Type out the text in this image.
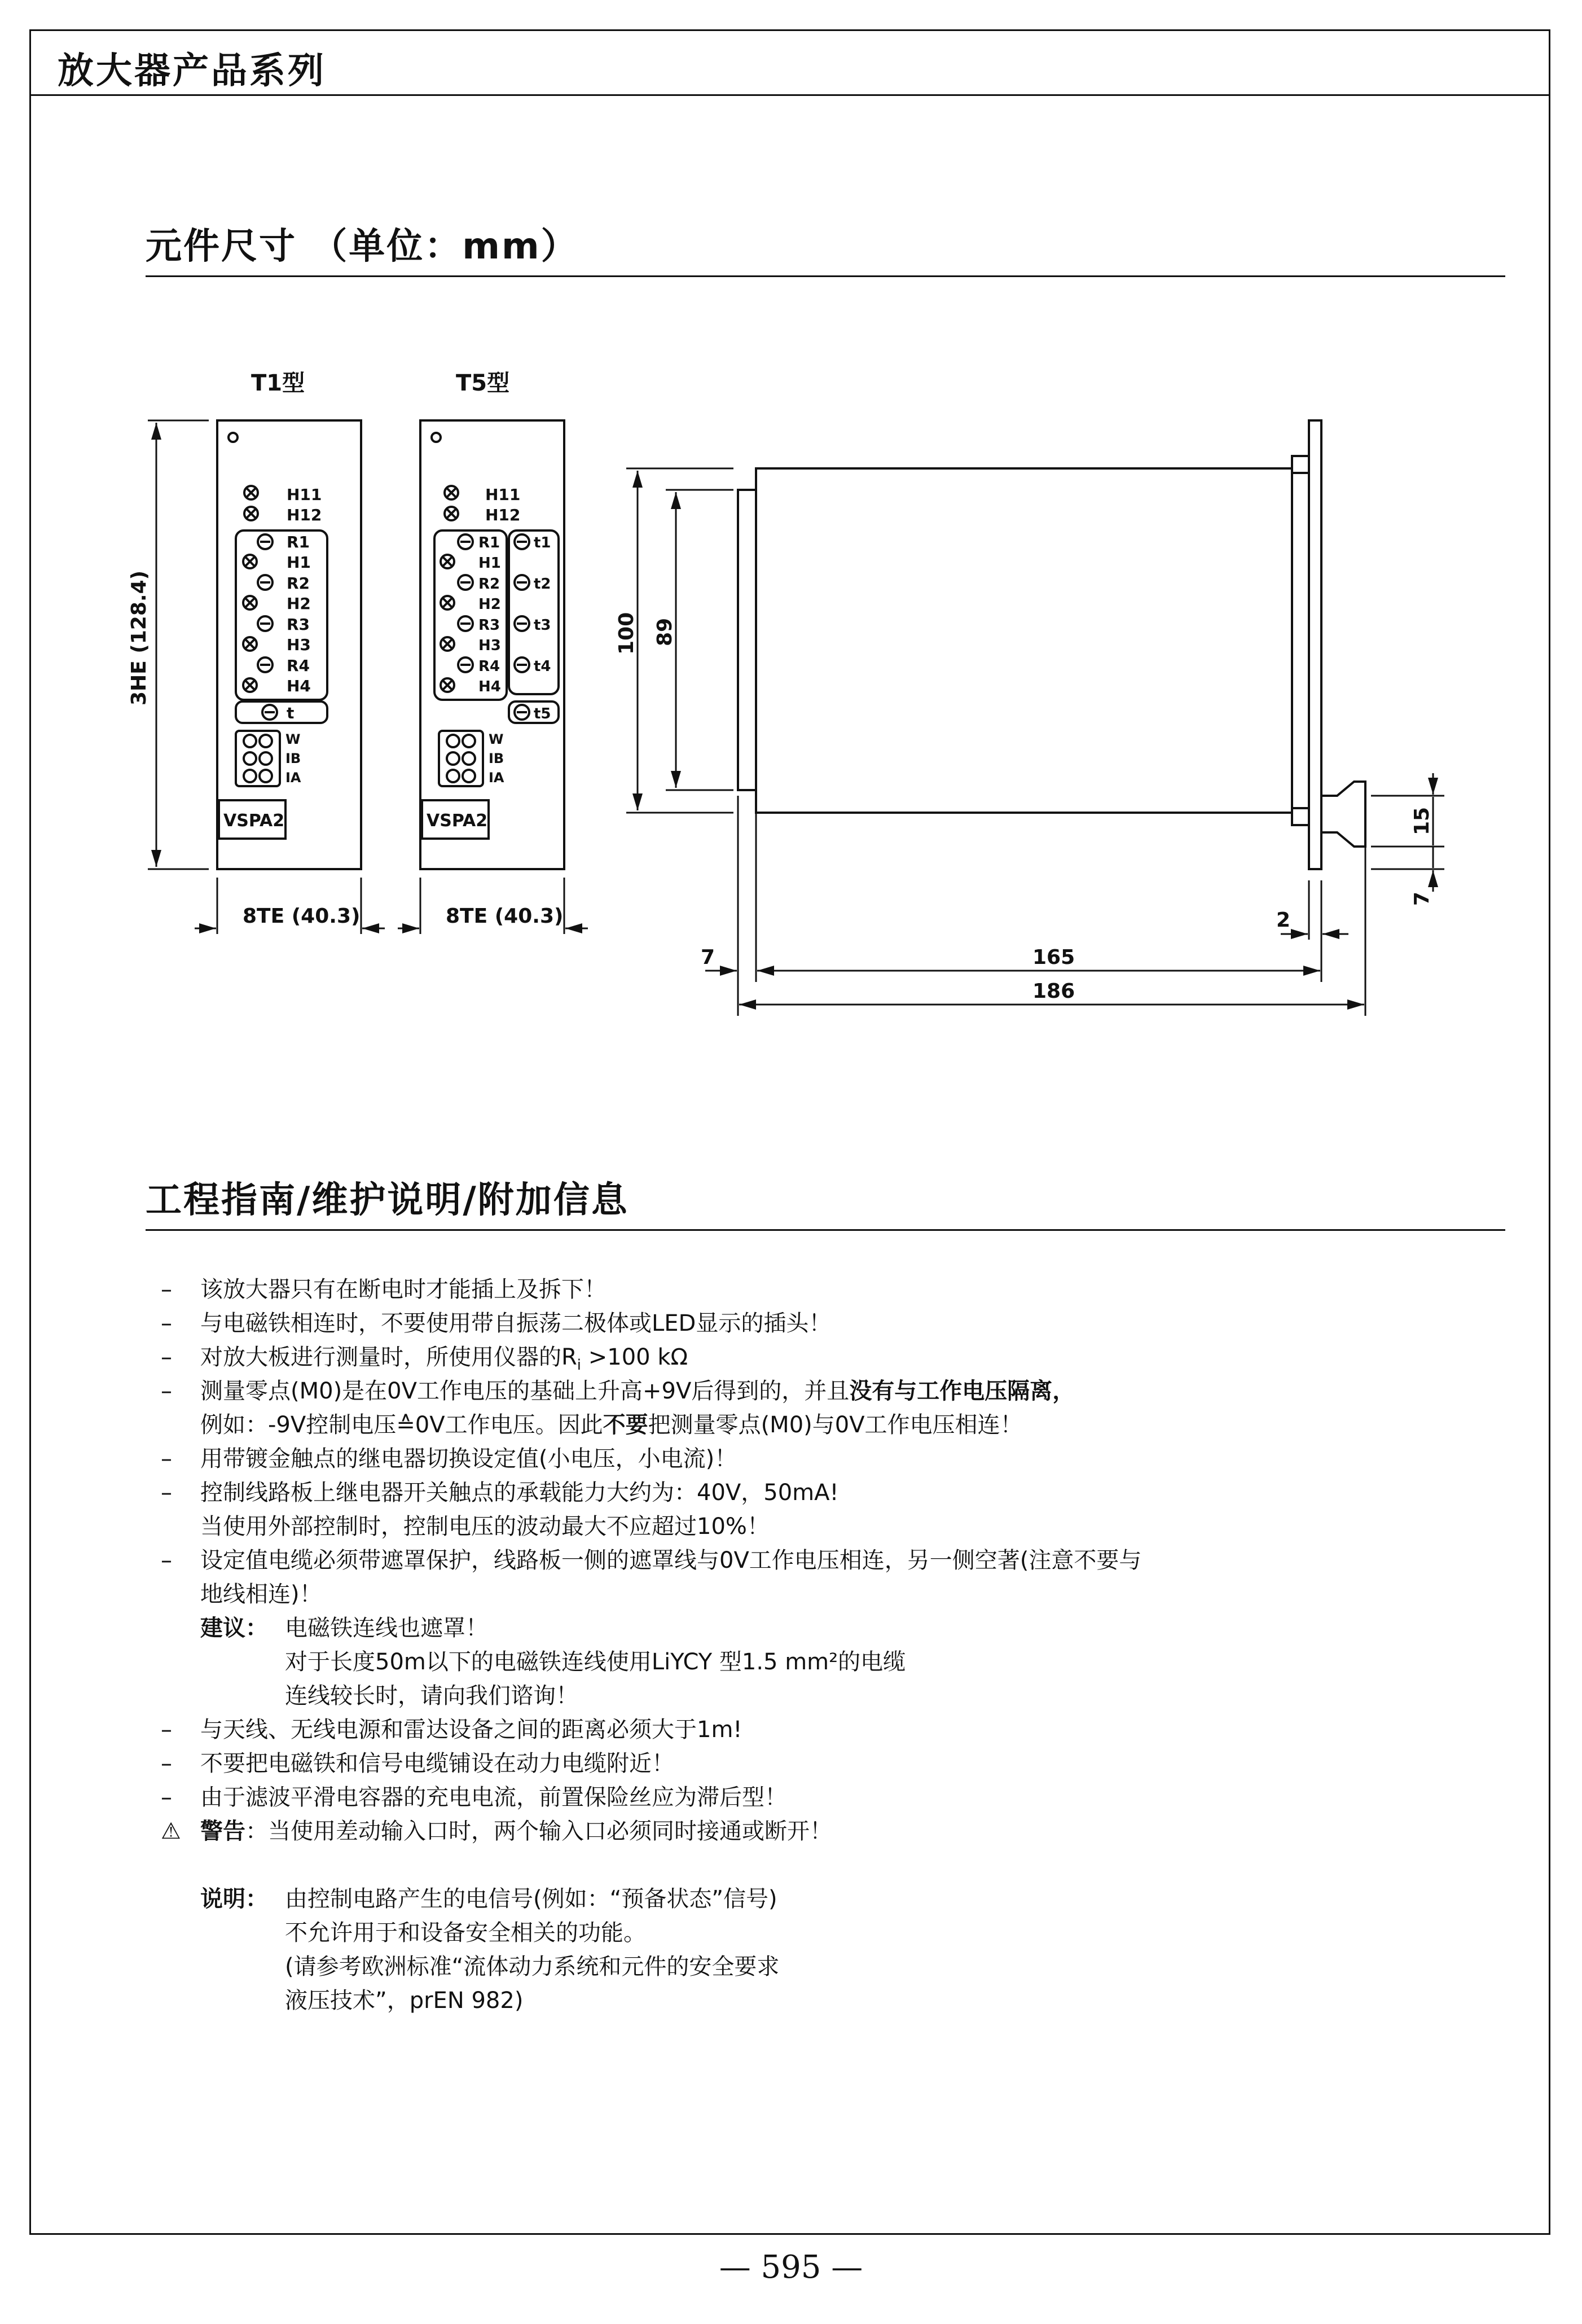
放大器产品系列
元件尺寸 （单位：mm）
T1型	T5型
H11
H12
R1
H1
R2
H2
R3
H3
R4
H4
t
W
IB
IA
VSPA2
8TE (40.3)
3HE (128.4)
H11
H12
R1
H1
R2
H2
R3
H3
R4
H4
t1
t2
t3
t4
t5
W
IB
IA
VSPA2
8TE (40.3)
100 89
15
7
2
7	165
186
工程指南/维护说明/附加信息
– 该放大器只有在断电时才能插上及拆下！
– 与电磁铁相连时，不要使用带自振荡二极体或LED显示的插头！
– 对放大板进行测量时，所使用仪器的$R_i >100$ kΩ
– 测量零点(M0)是在0V工作电压的基础上升高+9V后得到的，并且没有与工作电压隔离，
例如：-9V控制电压≙0V工作电压。因此不要把测量零点(M0)与0V工作电压相连！
– 用带镀金触点的继电器切换设定值(小电压，小电流)！
– 控制线路板上继电器开关触点的承载能力大约为：40V，50mA!
当使用外部控制时，控制电压的波动最大不应超过10%！
– 设定值电缆必须带遮罩保护，线路板一侧的遮罩线与0V工作电压相连，另一侧空著(注意不要与
地线相连)！
建议： 电磁铁连线也遮罩！
对于长度50m以下的电磁铁连线使用LiYCY 型1.5 mm²的电缆
连线较长时，请向我们谘询！
– 与天线、无线电源和雷达设备之间的距离必须大于1m!
– 不要把电磁铁和信号电缆铺设在动力电缆附近！
– 由于滤波平滑电容器的充电电流，前置保险丝应为滞后型！
⚠ 警告：当使用差动输入口时，两个输入口必须同时接通或断开！
说明： 由控制电路产生的电信号(例如：“预备状态”信号)
不允许用于和设备安全相关的功能。
(请参考欧洲标准“流体动力系统和元件的安全要求
液压技术”，prEN 982)
— 595 —
